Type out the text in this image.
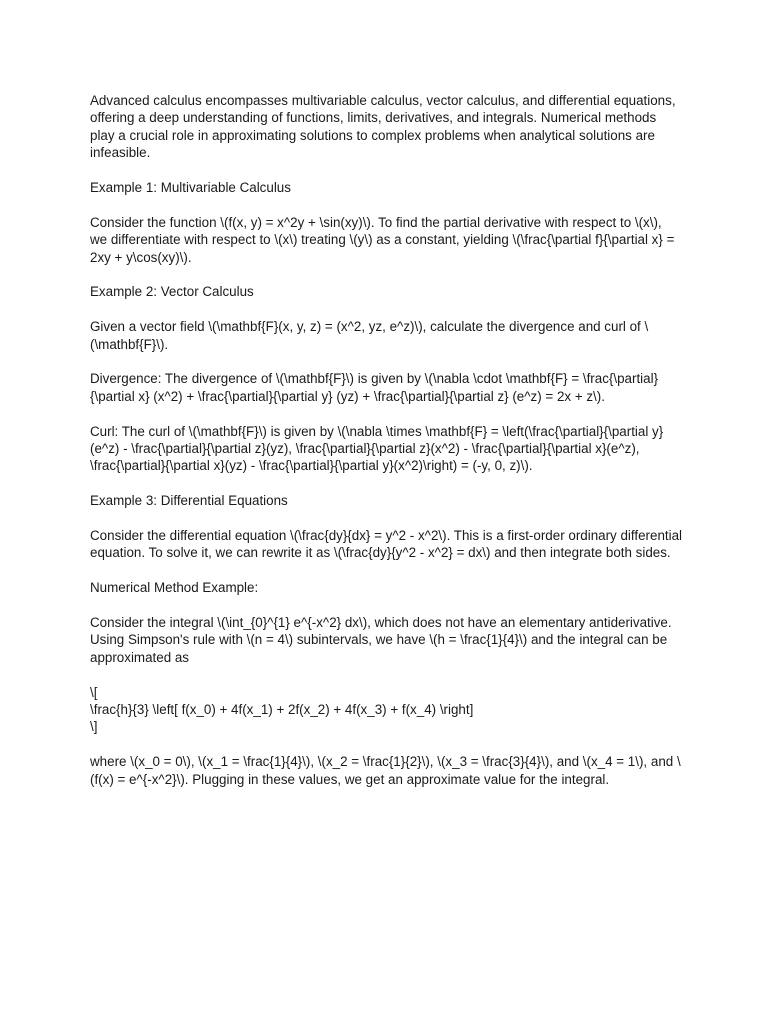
Advanced calculus encompasses multivariable calculus, vector calculus, and differential equations, offering a deep understanding of functions, limits, derivatives, and integrals. Numerical methods play a crucial role in approximating solutions to complex problems when analytical solutions are infeasible.

Example 1: Multivariable Calculus

Consider the function \(f(x, y) = x^2y + \sin(xy)\). To find the partial derivative with respect to \(x\), we differentiate with respect to \(x\) treating \(y\) as a constant, yielding \(\frac{\partial f}{\partial x} = 2xy + y\cos(xy)\).

Example 2: Vector Calculus

Given a vector field \(\mathbf{F}(x, y, z) = (x^2, yz, e^z)\), calculate the divergence and curl of \(\mathbf{F}\).

Divergence: The divergence of \(\mathbf{F}\) is given by \(\nabla \cdot \mathbf{F} = \frac{\partial}{\partial x} (x^2) + \frac{\partial}{\partial y} (yz) + \frac{\partial}{\partial z} (e^z) = 2x + z\).

Curl: The curl of \(\mathbf{F}\) is given by \(\nabla \times \mathbf{F} = \left(\frac{\partial}{\partial y}(e^z) - \frac{\partial}{\partial z}(yz), \frac{\partial}{\partial z}(x^2) - \frac{\partial}{\partial x}(e^z), \frac{\partial}{\partial x}(yz) - \frac{\partial}{\partial y}(x^2)\right) = (-y, 0, z)\).

Example 3: Differential Equations

Consider the differential equation \(\frac{dy}{dx} = y^2 - x^2\). This is a first-order ordinary differential equation. To solve it, we can rewrite it as \(\frac{dy}{y^2 - x^2} = dx\) and then integrate both sides.

Numerical Method Example:

Consider the integral \(\int_{0}^{1} e^{-x^2} dx\), which does not have an elementary antiderivative. Using Simpson's rule with \(n = 4\) subintervals, we have \(h = \frac{1}{4}\) and the integral can be approximated as

\[
\frac{h}{3} \left[ f(x_0) + 4f(x_1) + 2f(x_2) + 4f(x_3) + f(x_4) \right]
\]

where \(x_0 = 0\), \(x_1 = \frac{1}{4}\), \(x_2 = \frac{1}{2}\), \(x_3 = \frac{3}{4}\), and \(x_4 = 1\), and \(f(x) = e^{-x^2}\). Plugging in these values, we get an approximate value for the integral.
